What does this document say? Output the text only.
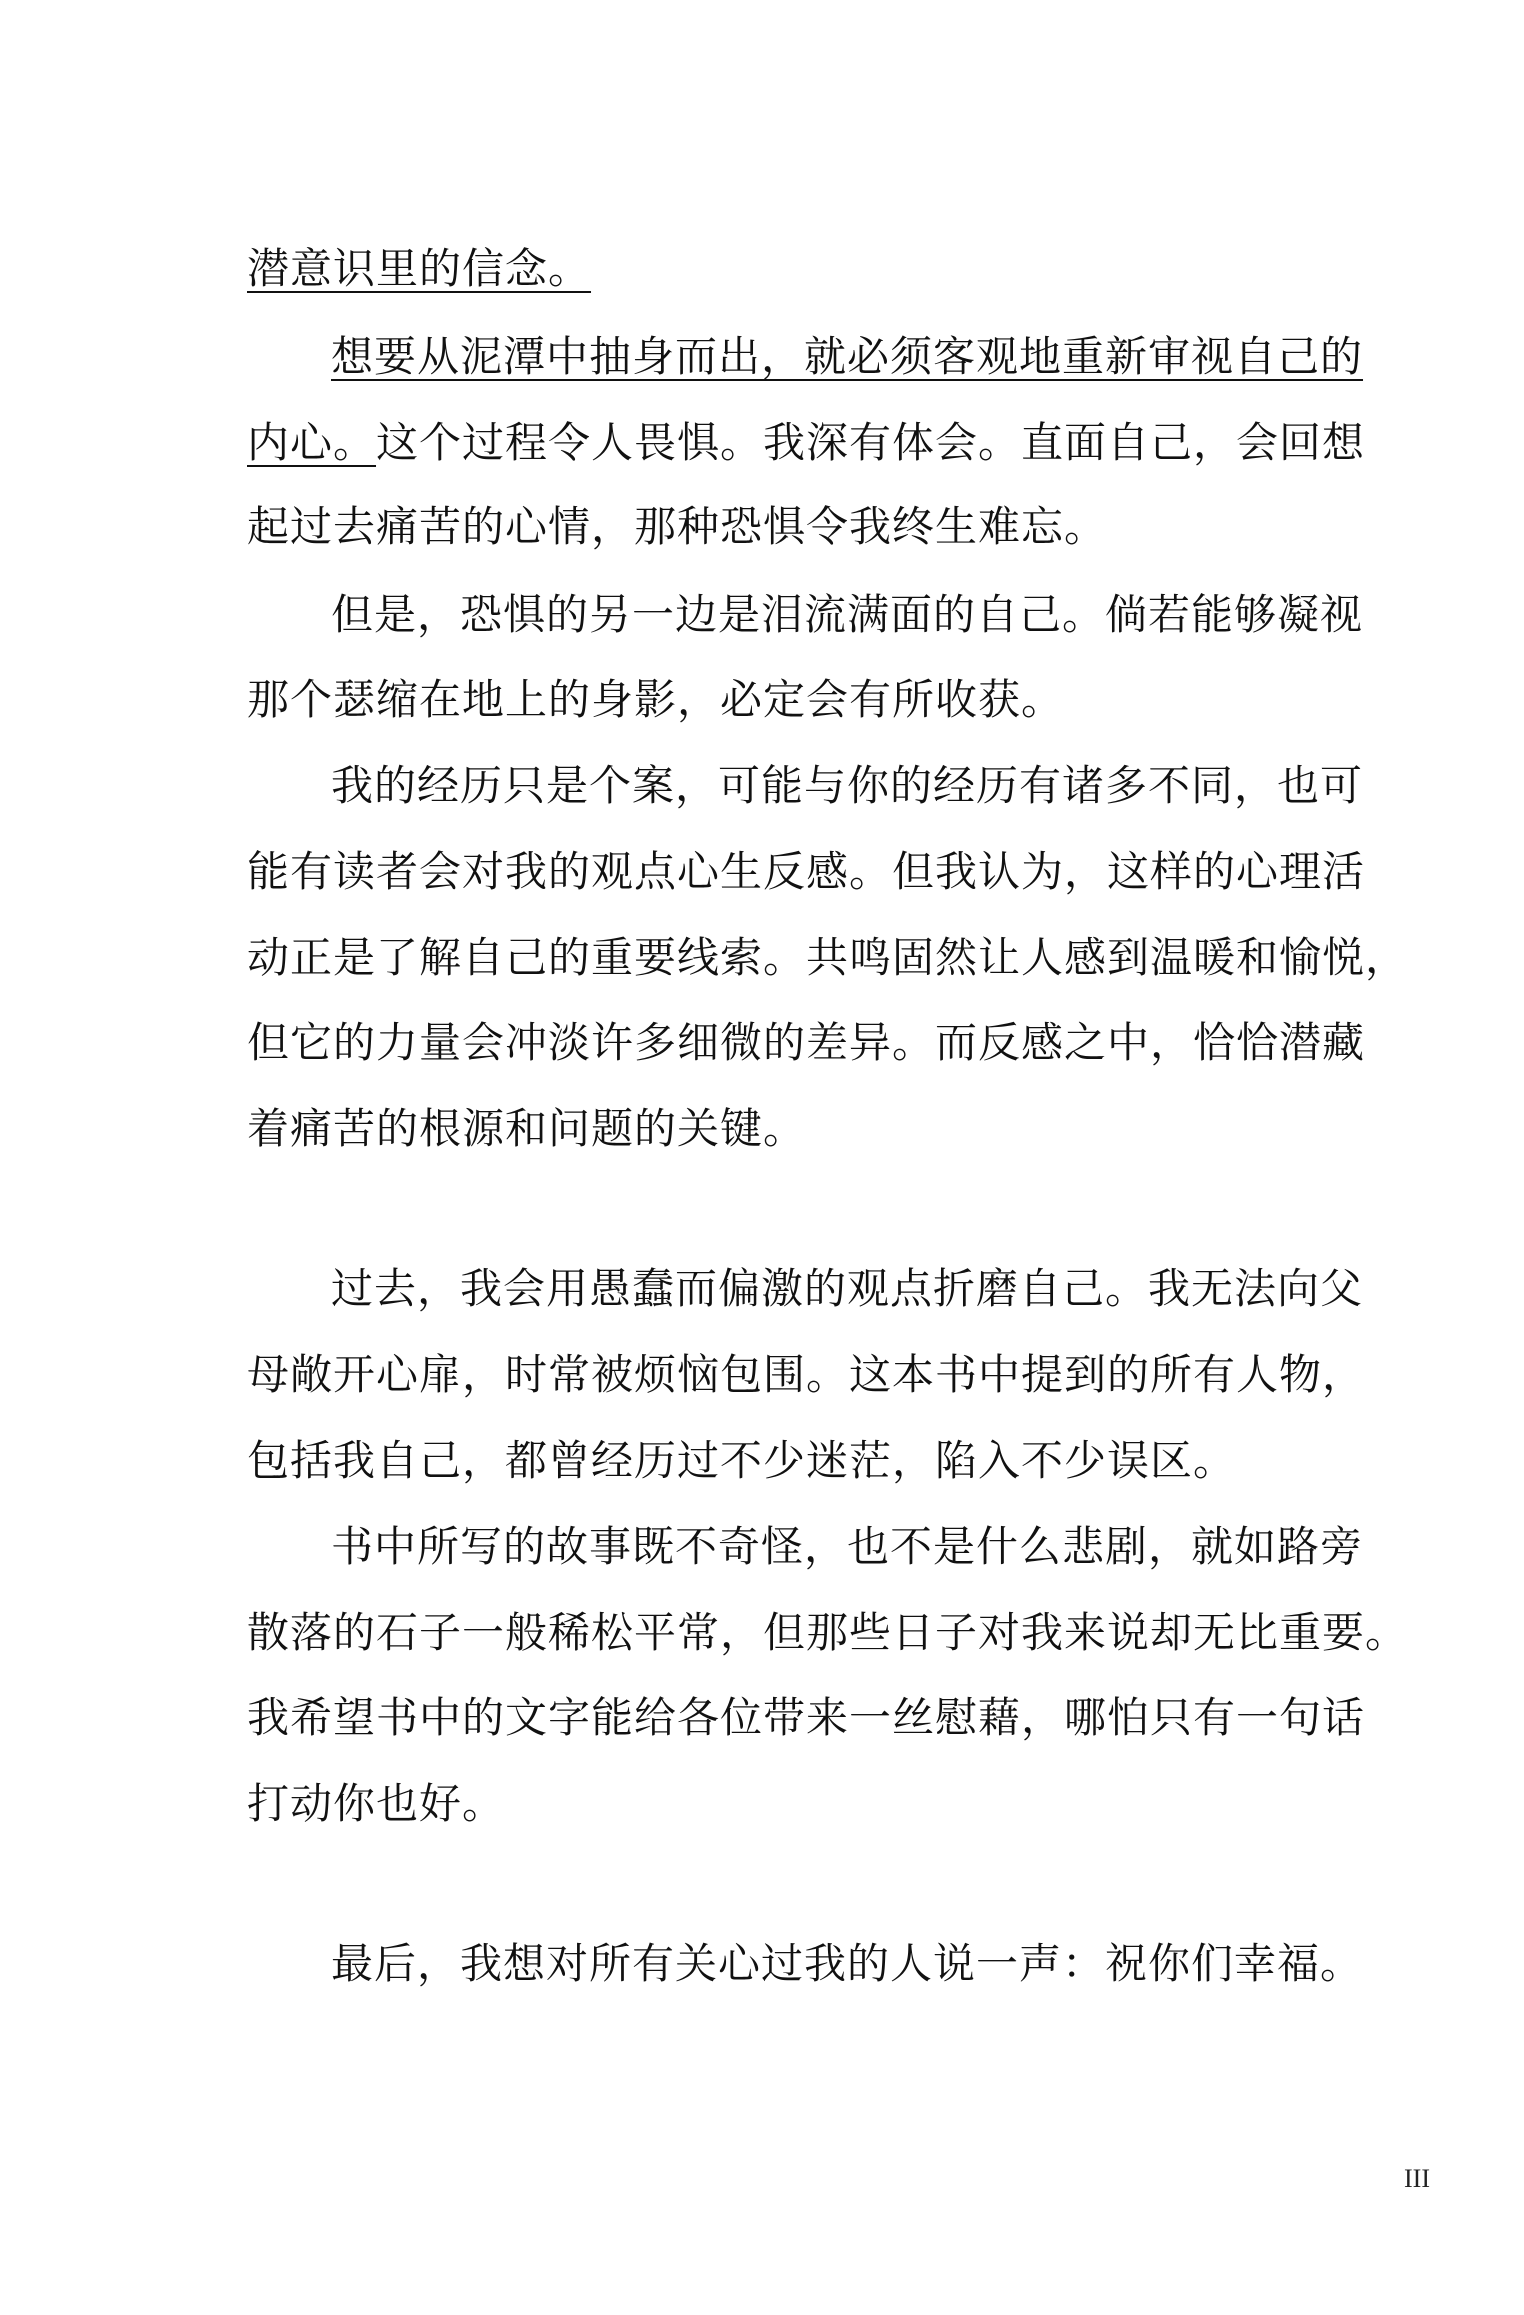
潜意识里的信念。
想要从泥潭中抽身而出，就必须客观地重新审视自己的
内心。这个过程令人畏惧。我深有体会。直面自己，会回想
起过去痛苦的心情，那种恐惧令我终生难忘。
但是，恐惧的另一边是泪流满面的自己。倘若能够凝视
那个瑟缩在地上的身影，必定会有所收获。
我的经历只是个案，可能与你的经历有诸多不同，也可
能有读者会对我的观点心生反感。但我认为，这样的心理活
动正是了解自己的重要线索。共鸣固然让人感到温暖和愉悦，
但它的力量会冲淡许多细微的差异。而反感之中，恰恰潜藏
着痛苦的根源和问题的关键。
过去，我会用愚蠢而偏激的观点折磨自己。我无法向父
母敞开心扉，时常被烦恼包围。这本书中提到的所有人物，
包括我自己，都曾经历过不少迷茫，陷入不少误区。
书中所写的故事既不奇怪，也不是什么悲剧，就如路旁
散落的石子一般稀松平常，但那些日子对我来说却无比重要。
我希望书中的文字能给各位带来一丝慰藉，哪怕只有一句话
打动你也好。
最后，我想对所有关心过我的人说一声：祝你们幸福。
III
